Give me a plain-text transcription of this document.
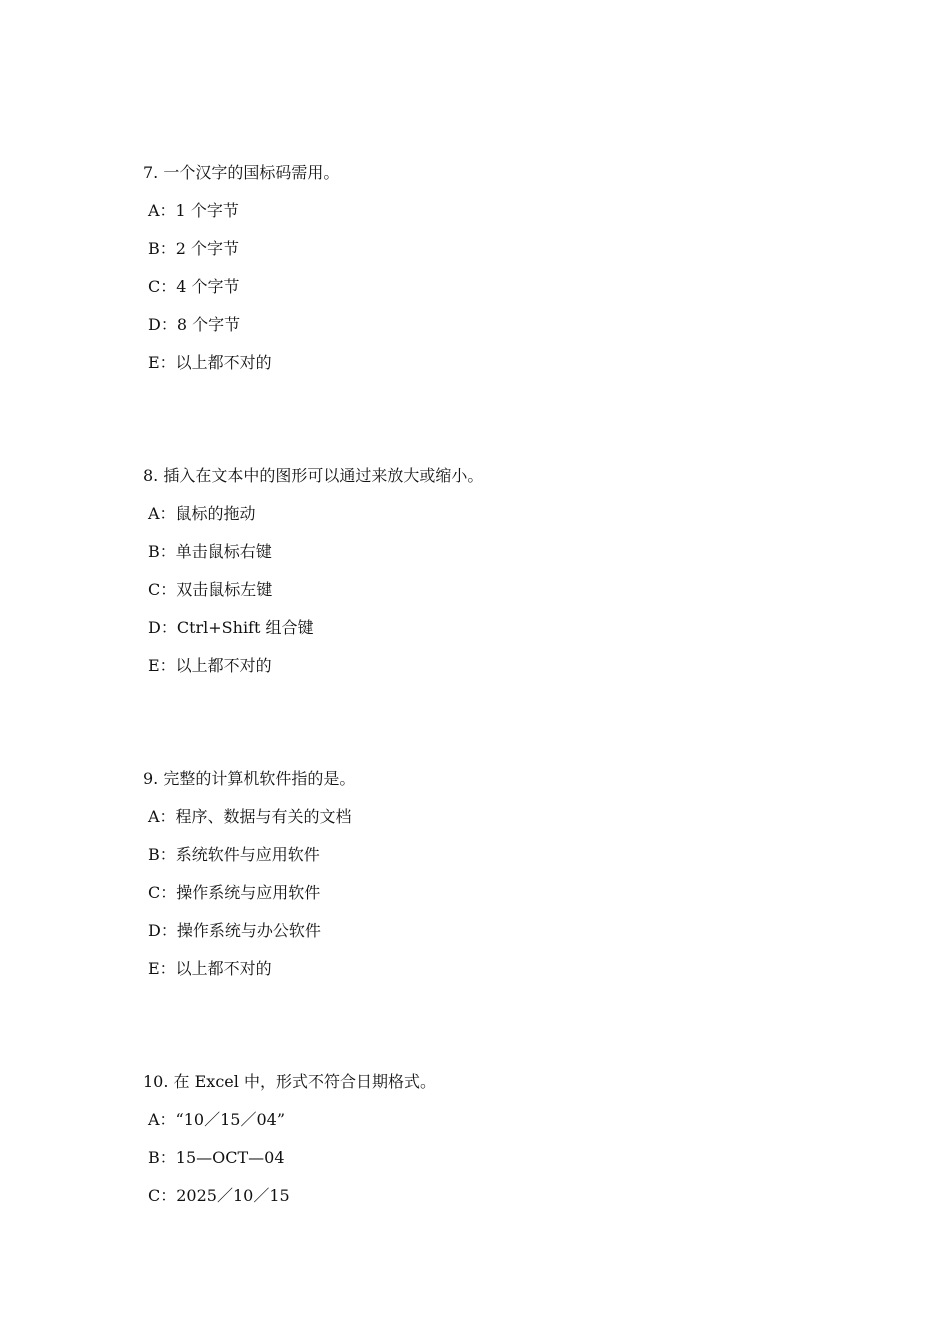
7. 一个汉字的国标码需用。
A：1 个字节
B：2 个字节
C：4 个字节
D：8 个字节
E：以上都不对的
8. 插入在文本中的图形可以通过来放大或缩小。
A：鼠标的拖动
B：单击鼠标右键
C：双击鼠标左键
D：Ctrl+Shift 组合键
E：以上都不对的
9. 完整的计算机软件指的是。
A：程序、数据与有关的文档
B：系统软件与应用软件
C：操作系统与应用软件
D：操作系统与办公软件
E：以上都不对的
10. 在 Excel 中，形式不符合日期格式。
A：“10／15／04”
B：15—OCT—04
C：2025／10／15
